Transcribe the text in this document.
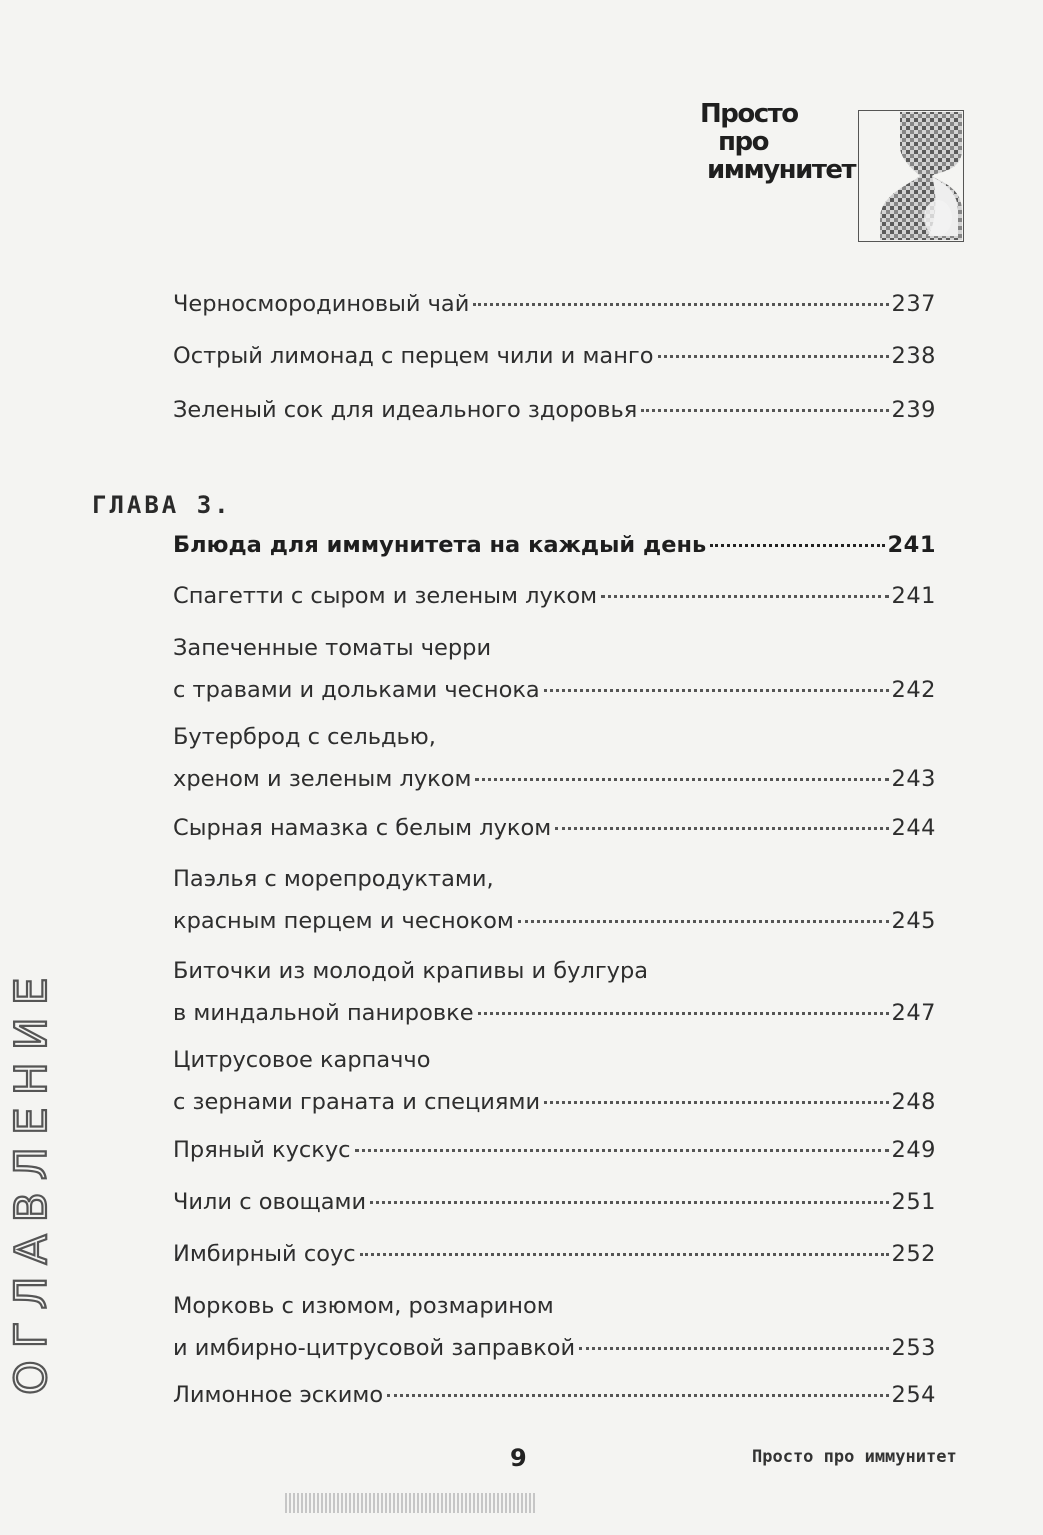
Просто
про
иммунитет
ОГЛАВЛЕНИЕ
Черносмородиновый чай	237
Острый лимонад с перцем чили и манго	238
Зеленый сок для идеального здоровья	239
ГЛАВА 3.
Блюда для иммунитета на каждый день	241
Спагетти с сыром и зеленым луком	241
Запеченные томаты черри
с травами и дольками чеснока	242
Бутерброд с сельдью,
хреном и зеленым луком	243
Сырная намазка с белым луком	244
Паэлья с морепродуктами,
красным перцем и чесноком	245
Биточки из молодой крапивы и булгура
в миндальной панировке	247
Цитрусовое карпаччо
с зернами граната и специями	248
Пряный кускус	249
Чили с овощами	251
Имбирный соус	252
Морковь с изюмом, розмарином
и имбирно-цитрусовой заправкой	253
Лимонное эскимо	254
9	Просто про иммунитет
